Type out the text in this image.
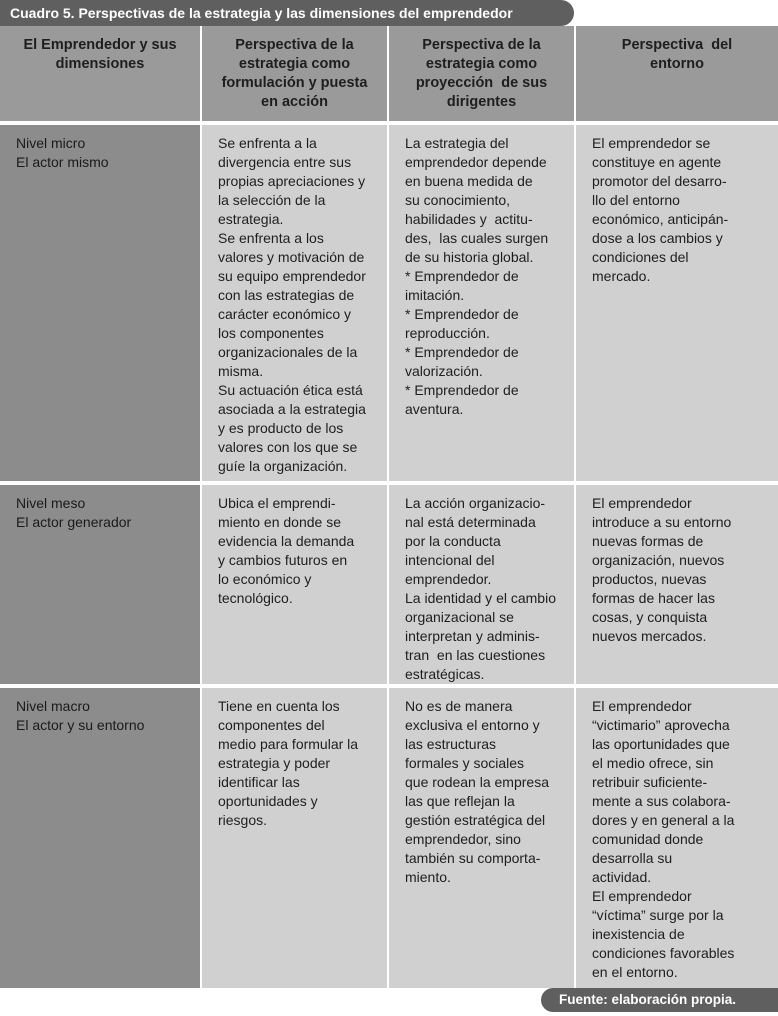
Cuadro 5. Perspectivas de la estrategia y las dimensiones del emprendedor
El Emprendedor y sus
dimensiones
Perspectiva de la
estrategia como
formulación y puesta
en acción
Perspectiva de la
estrategia como
proyección  de sus
dirigentes
Perspectiva  del
entorno
Nivel micro
El actor mismo
Se enfrenta a la
divergencia entre sus
propias apreciaciones y
la selección de la
estrategia.
Se enfrenta a los
valores y motivación de
su equipo emprendedor
con las estrategias de
carácter económico y
los componentes
organizacionales de la
misma.
Su actuación ética está
asociada a la estrategia
y es producto de los
valores con los que se
guíe la organización.
La estrategia del
emprendedor depende
en buena medida de
su conocimiento,
habilidades y  actitu-
des,  las cuales surgen
de su historia global.
* Emprendedor de
imitación.
* Emprendedor de
reproducción.
* Emprendedor de
valorización.
* Emprendedor de
aventura.
El emprendedor se
constituye en agente
promotor del desarro-
llo del entorno
económico, anticipán-
dose a los cambios y
condiciones del
mercado.
Nivel meso
El actor generador
Ubica el emprendi-
miento en donde se
evidencia la demanda
y cambios futuros en
lo económico y
tecnológico.
La acción organizacio-
nal está determinada
por la conducta
intencional del
emprendedor.
La identidad y el cambio
organizacional se
interpretan y adminis-
tran  en las cuestiones
estratégicas.
El emprendedor
introduce a su entorno
nuevas formas de
organización, nuevos
productos, nuevas
formas de hacer las
cosas, y conquista
nuevos mercados.
Nivel macro
El actor y su entorno
Tiene en cuenta los
componentes del
medio para formular la
estrategia y poder
identificar las
oportunidades y
riesgos.
No es de manera
exclusiva el entorno y
las estructuras
formales y sociales
que rodean la empresa
las que reflejan la
gestión estratégica del
emprendedor, sino
también su comporta-
miento.
El emprendedor
“victimario” aprovecha
las oportunidades que
el medio ofrece, sin
retribuir suficiente-
mente a sus colabora-
dores y en general a la
comunidad donde
desarrolla su
actividad.
El emprendedor
“víctima” surge por la
inexistencia de
condiciones favorables
en el entorno.
Fuente: elaboración propia.
